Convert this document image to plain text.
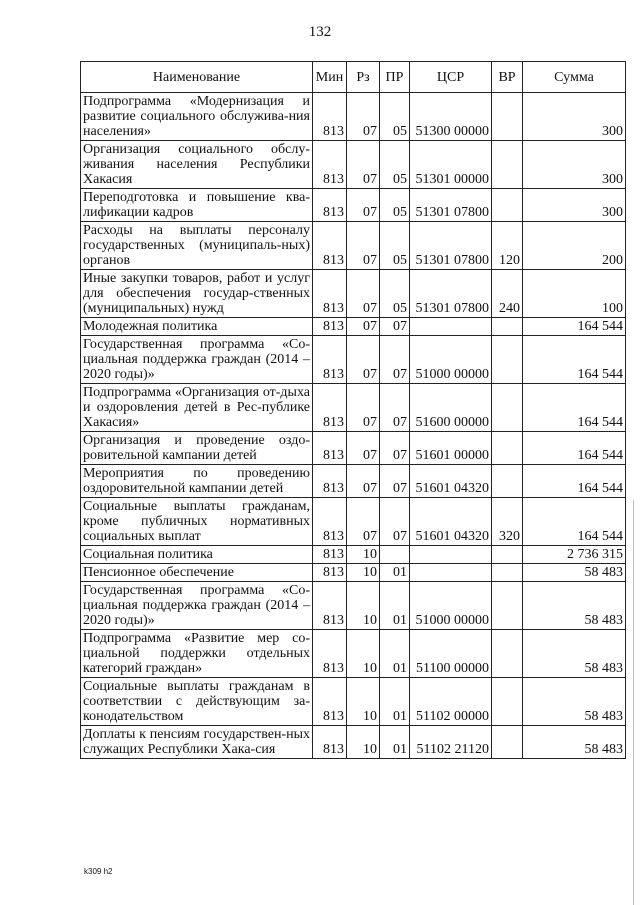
132
Наименование	Мин	Рз	ПР	ЦСР	ВР	Сумма
Подпрограмма «Модернизация и развитие социального обслужива-ния населения»	813	07	05	51300 00000		300
Организация социального обслу-живания населения Республики Хакасия	813	07	05	51301 00000		300
Переподготовка и повышение ква-лификации кадров	813	07	05	51301 07800		300
Расходы на выплаты персоналу государственных (муниципаль-ных) органов	813	07	05	51301 07800	120	200
Иные закупки товаров, работ и услуг для обеспечения государ-ственных (муниципальных) нужд	813	07	05	51301 07800	240	100
Молодежная политика	813	07	07			164 544
Государственная программа «Со-циальная поддержка граждан (2014 – 2020 годы)»	813	07	07	51000 00000		164 544
Подпрограмма «Организация от-дыха и оздоровления детей в Рес-публике Хакасия»	813	07	07	51600 00000		164 544
Организация и проведение оздо-ровительной кампании детей	813	07	07	51601 00000		164 544
Мероприятия по проведению оздоровительной кампании детей	813	07	07	51601 04320		164 544
Социальные выплаты гражданам, кроме публичных нормативных социальных выплат	813	07	07	51601 04320	320	164 544
Социальная политика	813	10				2 736 315
Пенсионное обеспечение	813	10	01			58 483
Государственная программа «Со-циальная поддержка граждан (2014 – 2020 годы)»	813	10	01	51000 00000		58 483
Подпрограмма «Развитие мер со-циальной поддержки отдельных категорий граждан»	813	10	01	51100 00000		58 483
Социальные выплаты гражданам в соответствии с действующим за-конодательством	813	10	01	51102 00000		58 483
Доплаты к пенсиям государствен-ных служащих Республики Хака-сия	813	10	01	51102 21120		58 483
k309 h2
